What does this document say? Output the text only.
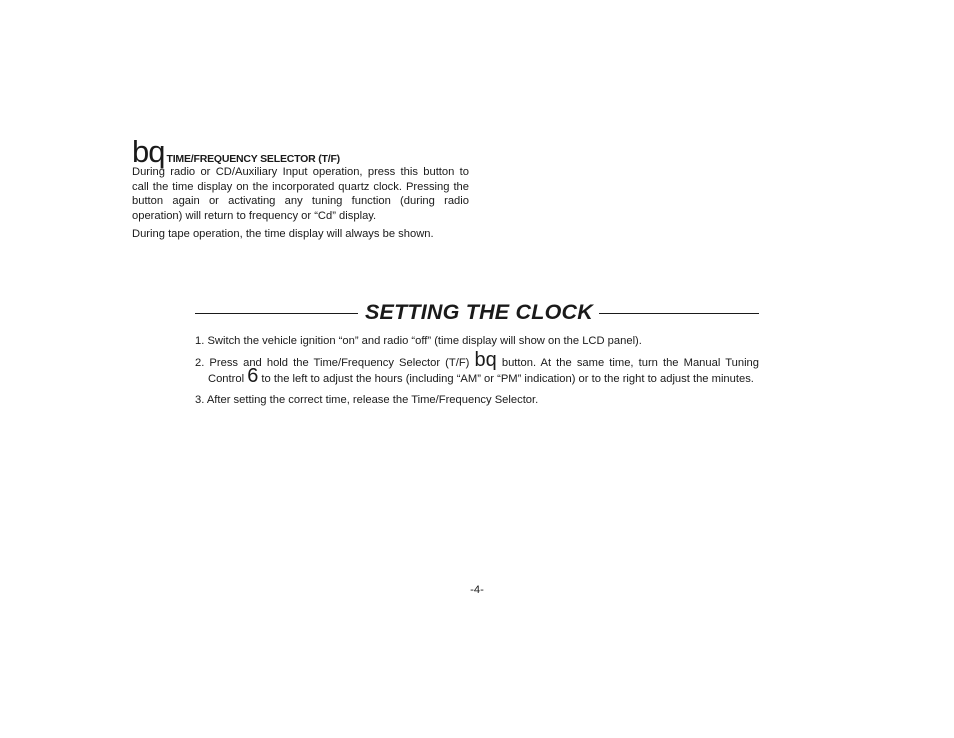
bq TIME/FREQUENCY SELECTOR (T/F)

During radio or CD/Auxiliary Input operation, press this button to call the time display on the incorporated quartz clock. Pressing the button again or activating any tuning function (during radio operation) will return to frequency or “Cd” display.

During tape operation, the time display will always be shown.

SETTING THE CLOCK

1. Switch the vehicle ignition “on” and radio “off” (time display will show on the LCD panel).

2. Press and hold the Time/Frequency Selector (T/F) bq button. At the same time, turn the Manual Tuning Control 6 to the left to adjust the hours (including “AM” or “PM” indication) or to the right to adjust the minutes.

3. After setting the correct time, release the Time/Frequency Selector.

-4-
